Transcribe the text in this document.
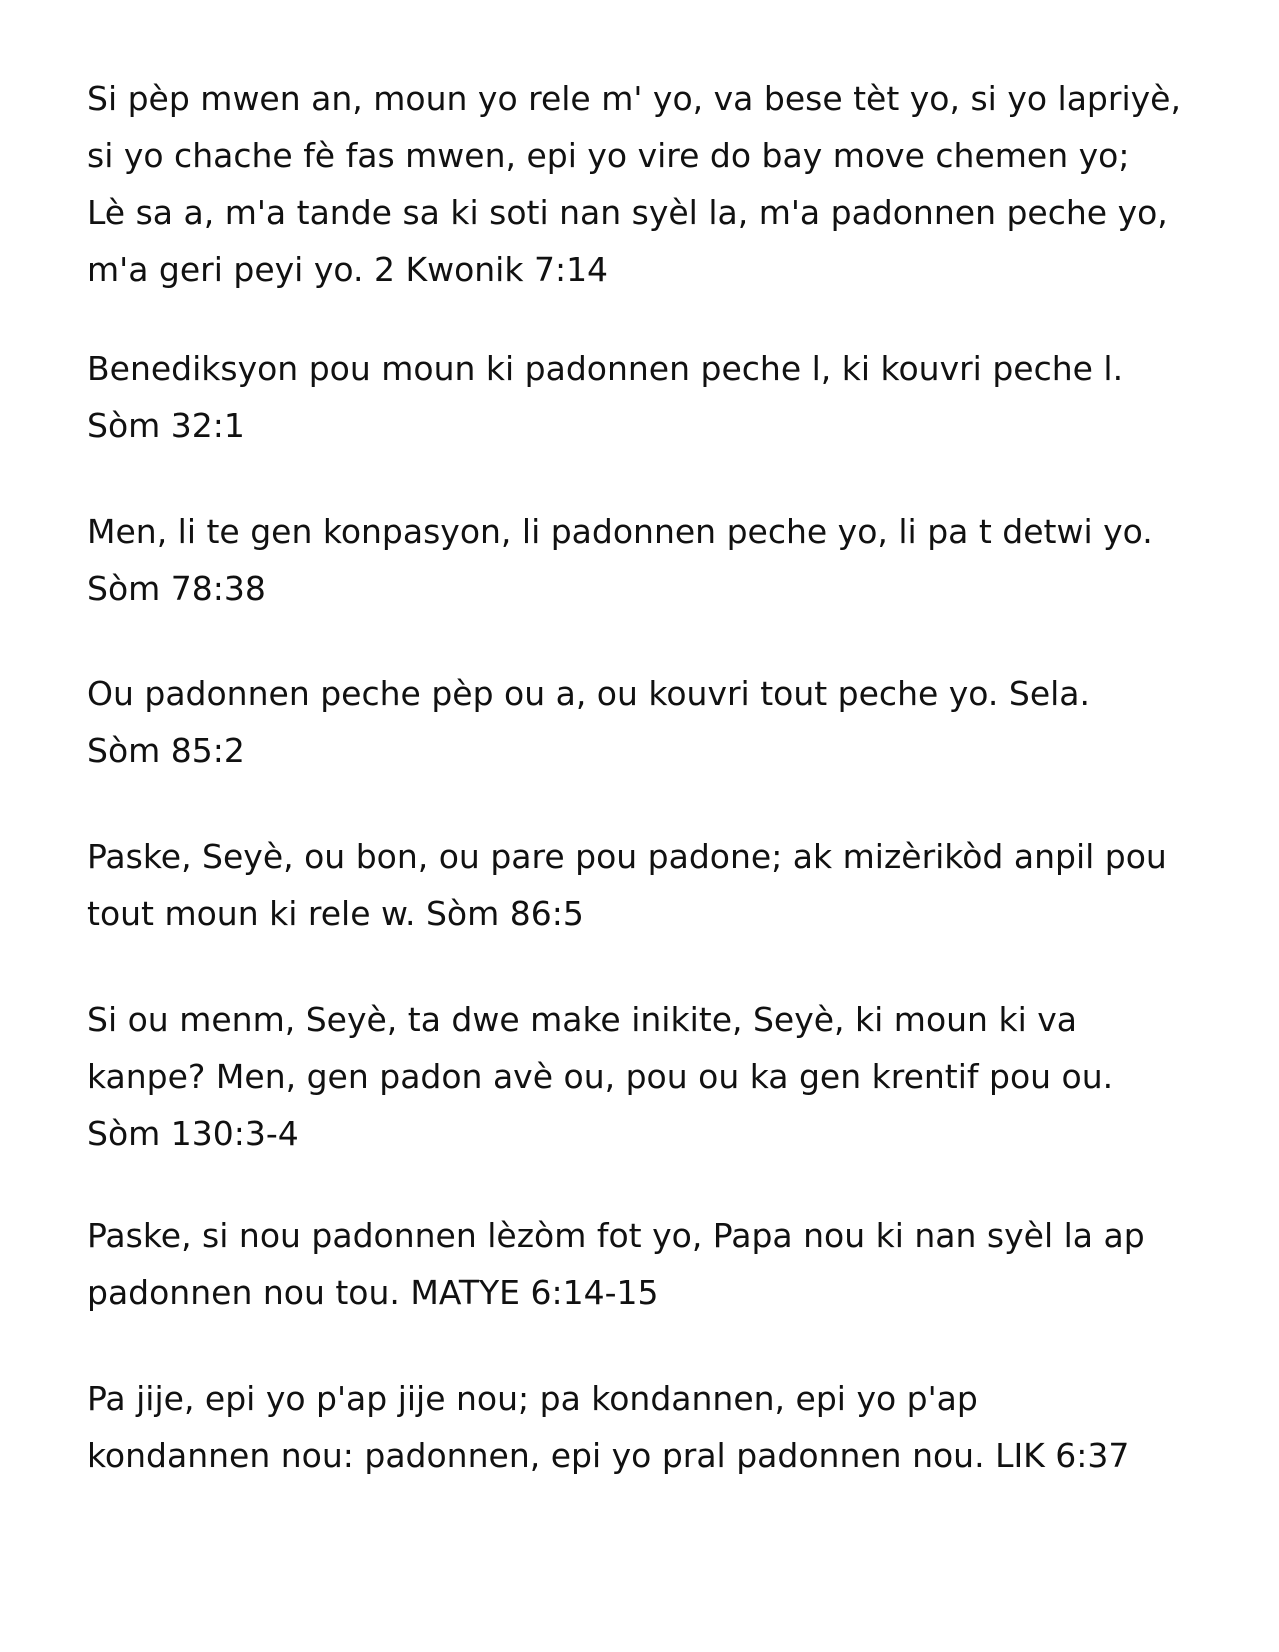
Si pèp mwen an, moun yo rele m' yo, va bese tèt yo, si yo lapriyè,
si yo chache fè fas mwen, epi yo vire do bay move chemen yo;
Lè sa a, m'a tande sa ki soti nan syèl la, m'a padonnen peche yo,
m'a geri peyi yo. 2 Kwonik 7:14
Benediksyon pou moun ki padonnen peche l, ki kouvri peche l.
Sòm 32:1
Men, li te gen konpasyon, li padonnen peche yo, li pa t detwi yo.
Sòm 78:38
Ou padonnen peche pèp ou a, ou kouvri tout peche yo. Sela.
Sòm 85:2
Paske, Seyè, ou bon, ou pare pou padone; ak mizèrikòd anpil pou
tout moun ki rele w. Sòm 86:5
Si ou menm, Seyè, ta dwe make inikite, Seyè, ki moun ki va
kanpe? Men, gen padon avè ou, pou ou ka gen krentif pou ou.
Sòm 130:3-4
Paske, si nou padonnen lèzòm fot yo, Papa nou ki nan syèl la ap
padonnen nou tou. MATYE 6:14-15
Pa jije, epi yo p'ap jije nou; pa kondannen, epi yo p'ap
kondannen nou: padonnen, epi yo pral padonnen nou. LIK 6:37
